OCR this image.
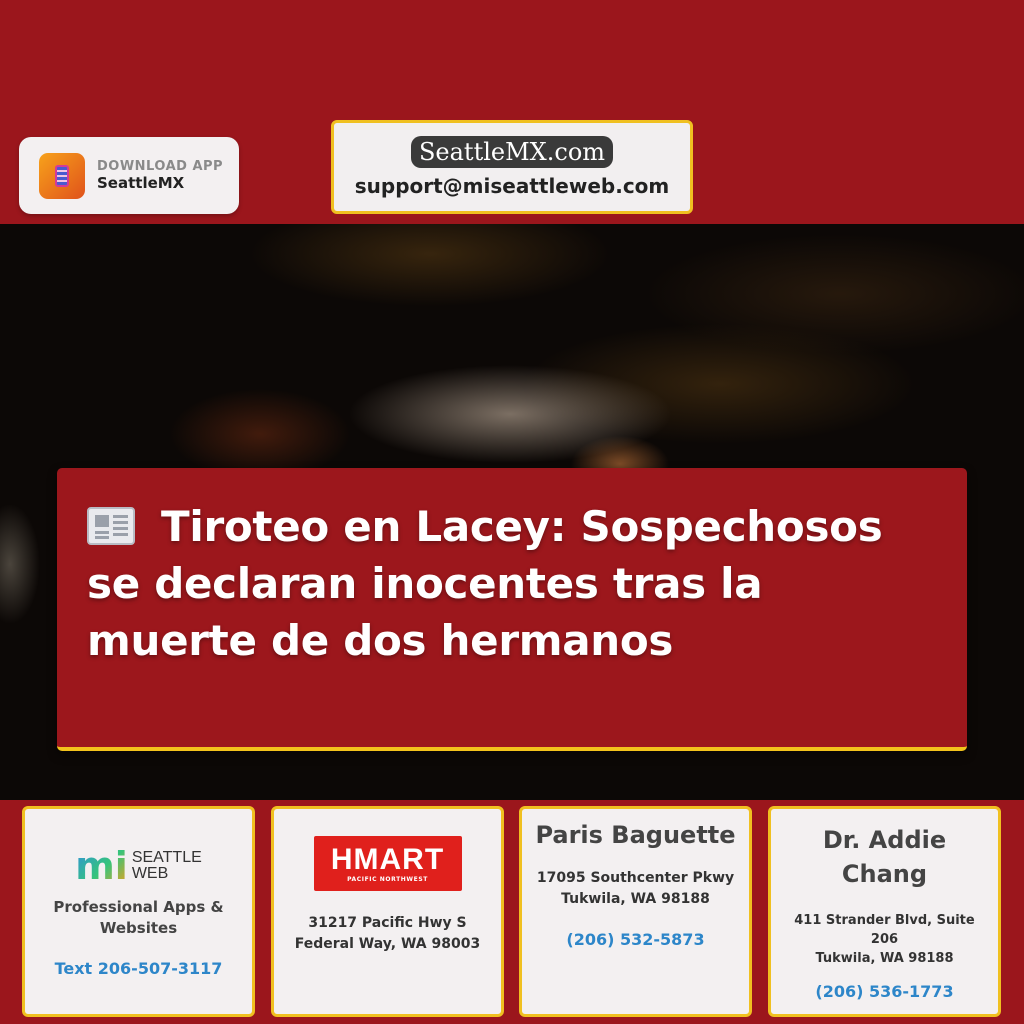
DOWNLOAD APP
SeattleMX
SeattleMX.com
support@miseattleweb.com
Tiroteo en Lacey: Sospechosos se declaran inocentes tras la muerte de dos hermanos
mi SEATTLE
WEB
Professional Apps & Websites
Text 206-507-3117
HMART
PACIFIC NORTHWEST
31217 Pacific Hwy S
Federal Way, WA 98003
Paris Baguette
17095 Southcenter Pkwy
Tukwila, WA 98188
(206) 532-5873
Dr. Addie Chang
411 Strander Blvd, Suite 206
Tukwila, WA 98188
(206) 536-1773
